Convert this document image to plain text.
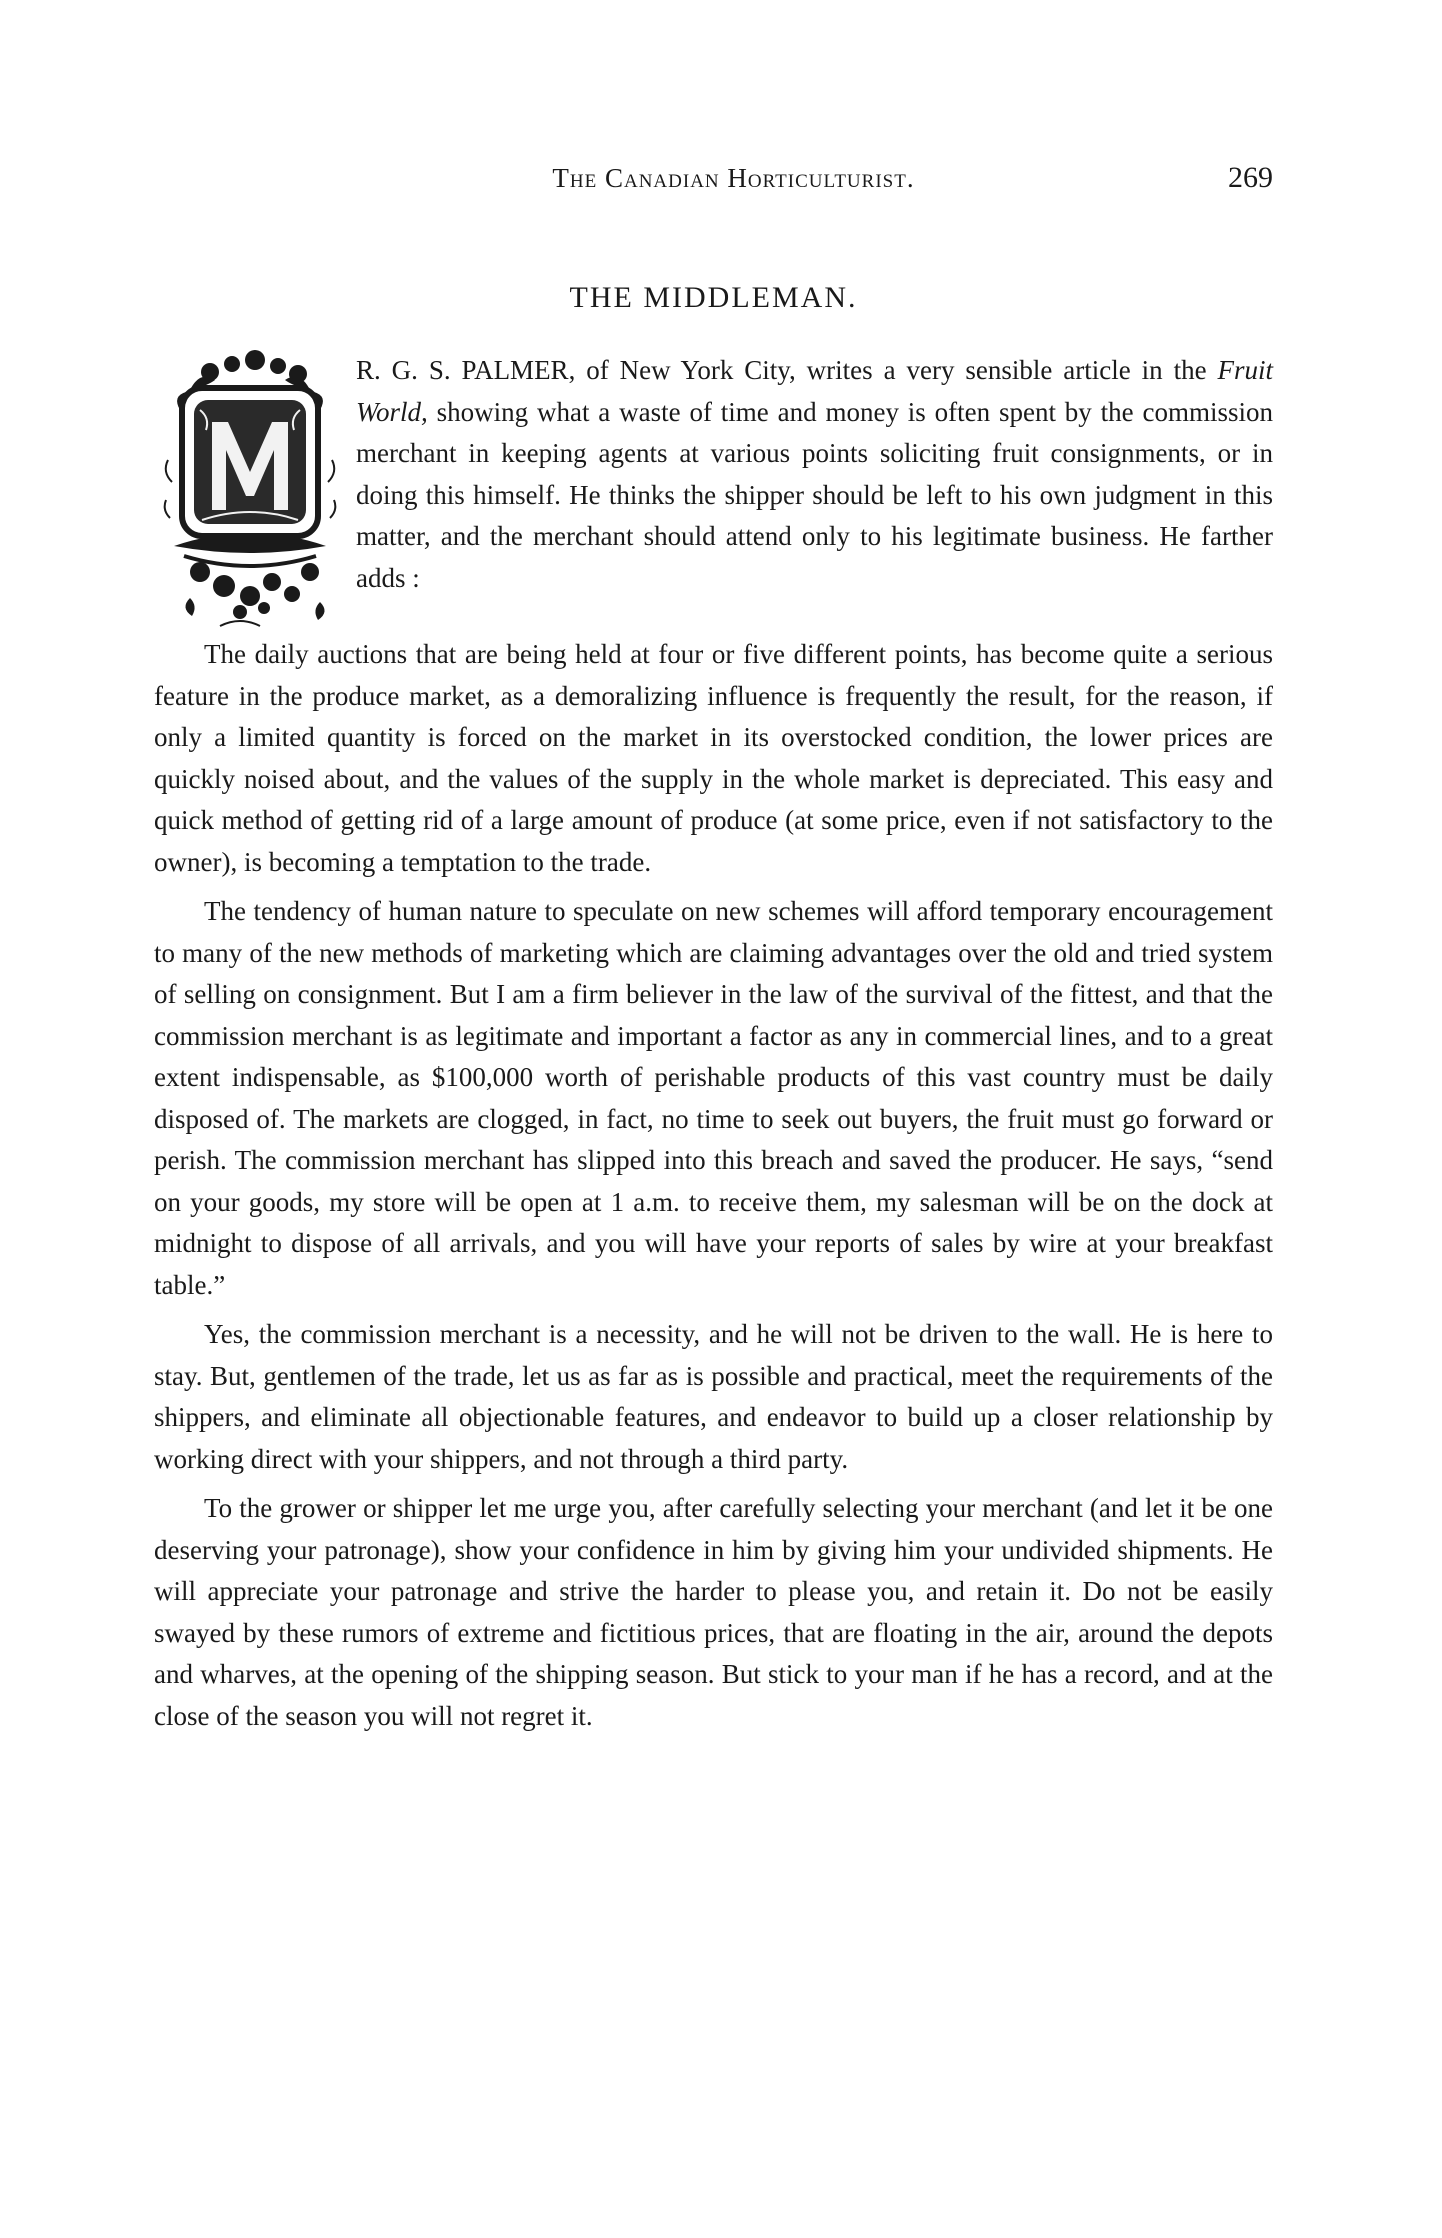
The Canadian Horticulturist.	269
THE MIDDLEMAN.

R. G. S. PALMER, of New York City, writes a very sensible article in the Fruit World, showing what a waste of time and money is often spent by the commission merchant in keeping agents at various points soliciting fruit consignments, or in doing this himself. He thinks the shipper should be left to his own judgment in this matter, and the merchant should attend only to his legitimate business. He farther adds :

The daily auctions that are being held at four or five different points, has become quite a serious feature in the produce market, as a demoralizing influence is frequently the result, for the reason, if only a limited quantity is forced on the market in its overstocked condition, the lower prices are quickly noised about, and the values of the supply in the whole market is depreciated. This easy and quick method of getting rid of a large amount of produce (at some price, even if not satisfactory to the owner), is becoming a temptation to the trade.

The tendency of human nature to speculate on new schemes will afford temporary encouragement to many of the new methods of marketing which are claiming advantages over the old and tried system of selling on consignment. But I am a firm believer in the law of the survival of the fittest, and that the commission merchant is as legitimate and important a factor as any in commercial lines, and to a great extent indispensable, as $100,000 worth of perishable products of this vast country must be daily disposed of. The markets are clogged, in fact, no time to seek out buyers, the fruit must go forward or perish. The commission merchant has slipped into this breach and saved the producer. He says, “send on your goods, my store will be open at 1 a.m. to receive them, my salesman will be on the dock at midnight to dispose of all arrivals, and you will have your reports of sales by wire at your breakfast table.”

Yes, the commission merchant is a necessity, and he will not be driven to the wall. He is here to stay. But, gentlemen of the trade, let us as far as is possible and practical, meet the requirements of the shippers, and eliminate all objectionable features, and endeavor to build up a closer relationship by working direct with your shippers, and not through a third party.

To the grower or shipper let me urge you, after carefully selecting your merchant (and let it be one deserving your patronage), show your confidence in him by giving him your undivided shipments. He will appreciate your patronage and strive the harder to please you, and retain it. Do not be easily swayed by these rumors of extreme and fictitious prices, that are floating in the air, around the depots and wharves, at the opening of the shipping season. But stick to your man if he has a record, and at the close of the season you will not regret it.
